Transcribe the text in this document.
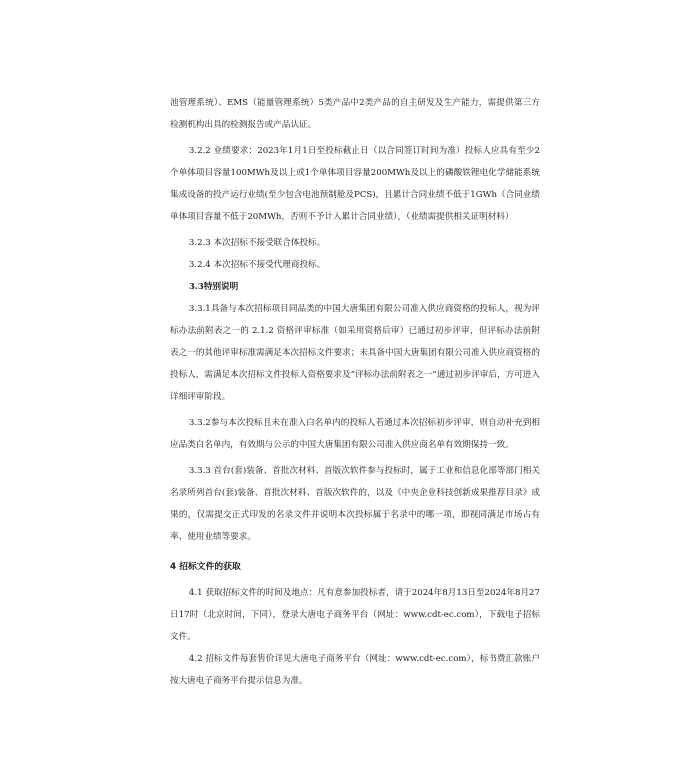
池管理系统）、EMS（能量管理系统）5类产品中2类产品的自主研发及生产能力，需提供第三方检测机构出具的检测报告或产品认证。

3.2.2 业绩要求：2023年1月1日至投标截止日（以合同签订时间为准）投标人应具有至少2个单体项目容量100MWh及以上或1个单体项目容量200MWh及以上的磷酸铁锂电化学储能系统集成设备的投产运行业绩(至少包含电池预制舱及PCS)，且累计合同业绩不低于1GWh（合同业绩单体项目容量不低于20MWh，否则不予计入累计合同业绩），（业绩需提供相关证明材料）

3.2.3 本次招标不接受联合体投标。

3.2.4 本次招标不接受代理商投标。

3.3特别说明

3.3.1具备与本次招标项目同品类的中国大唐集团有限公司准入供应商资格的投标人，视为评标办法前附表之一的 2.1.2 资格评审标准（如采用资格后审）已通过初步评审，但评标办法前附表之一的其他评审标准需满足本次招标文件要求；未具备中国大唐集团有限公司准入供应商资格的投标人，需满足本次招标文件投标人资格要求及“评标办法前附表之一”通过初步评审后，方可进入详细评审阶段。

3.3.2参与本次投标且未在准入白名单内的投标人若通过本次招标初步评审，则自动补充到相应品类白名单内，有效期与公示的中国大唐集团有限公司准入供应商名单有效期保持一致。

3.3.3 首台(套)装备、首批次材料、首版次软件参与投标时，属于工业和信息化部等部门相关名录所列首台(套)装备、首批次材料、首版次软件的，以及《中央企业科技创新成果推荐目录》成果的，仅需提交正式印发的名录文件并说明本次投标属于名录中的哪一项，即视同满足市场占有率、使用业绩等要求。

4 招标文件的获取

4.1 获取招标文件的时间及地点：凡有意参加投标者，请于2024年8月13日至2024年8月27日17时（北京时间，下同），登录大唐电子商务平台（网址：www.cdt-ec.com），下载电子招标文件。

4.2 招标文件每套售价详见大唐电子商务平台（网址：www.cdt-ec.com），标书费汇款账户按大唐电子商务平台提示信息为准。
